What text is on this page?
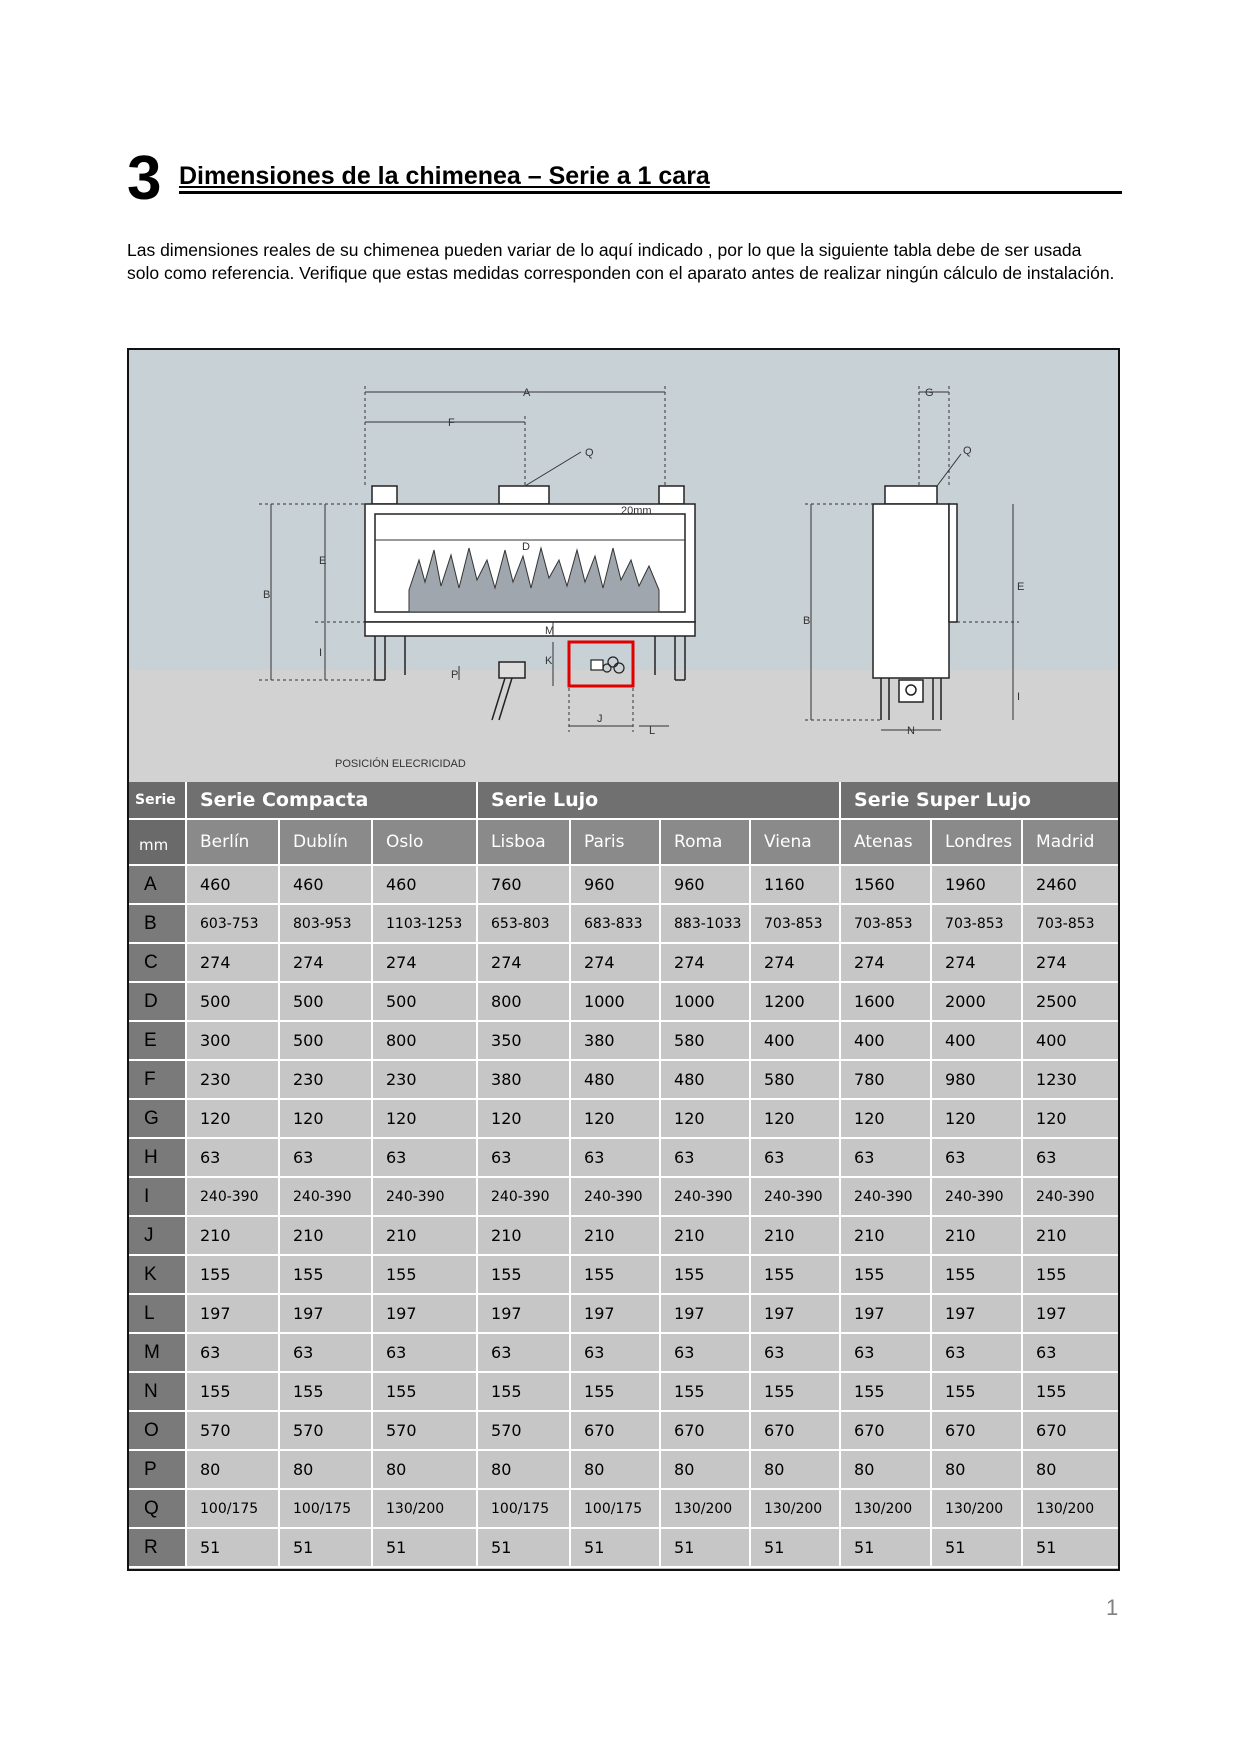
3 Dimensiones de la chimenea – Serie a 1 cara
Las dimensiones reales de su chimenea pueden variar de lo aquí indicado , por lo que la siguiente tabla debe de ser usada solo como referencia. Verifique que estas medidas corresponden con el aparato antes de realizar ningún cálculo de instalación.
A
F
Q
D
B
E
I
M
K
P
J
L
20mm
POSICIÓN ELECRICIDAD
G
Q
B
E
I
N
Serie	Serie Compacta			Serie Lujo				Serie Super Lujo		
mm	Berlín	Dublín	Oslo	Lisboa	Paris	Roma	Viena	Atenas	Londres	Madrid
A	460	460	460	760	960	960	1160	1560	1960	2460
B	603-753	803-953	1103-1253	653-803	683-833	883-1033	703-853	703-853	703-853	703-853
C	274	274	274	274	274	274	274	274	274	274
D	500	500	500	800	1000	1000	1200	1600	2000	2500
E	300	500	800	350	380	580	400	400	400	400
F	230	230	230	380	480	480	580	780	980	1230
G	120	120	120	120	120	120	120	120	120	120
H	63	63	63	63	63	63	63	63	63	63
I	240-390	240-390	240-390	240-390	240-390	240-390	240-390	240-390	240-390	240-390
J	210	210	210	210	210	210	210	210	210	210
K	155	155	155	155	155	155	155	155	155	155
L	197	197	197	197	197	197	197	197	197	197
M	63	63	63	63	63	63	63	63	63	63
N	155	155	155	155	155	155	155	155	155	155
O	570	570	570	570	670	670	670	670	670	670
P	80	80	80	80	80	80	80	80	80	80
Q	100/175	100/175	130/200	100/175	100/175	130/200	130/200	130/200	130/200	130/200
R	51	51	51	51	51	51	51	51	51	51
1
